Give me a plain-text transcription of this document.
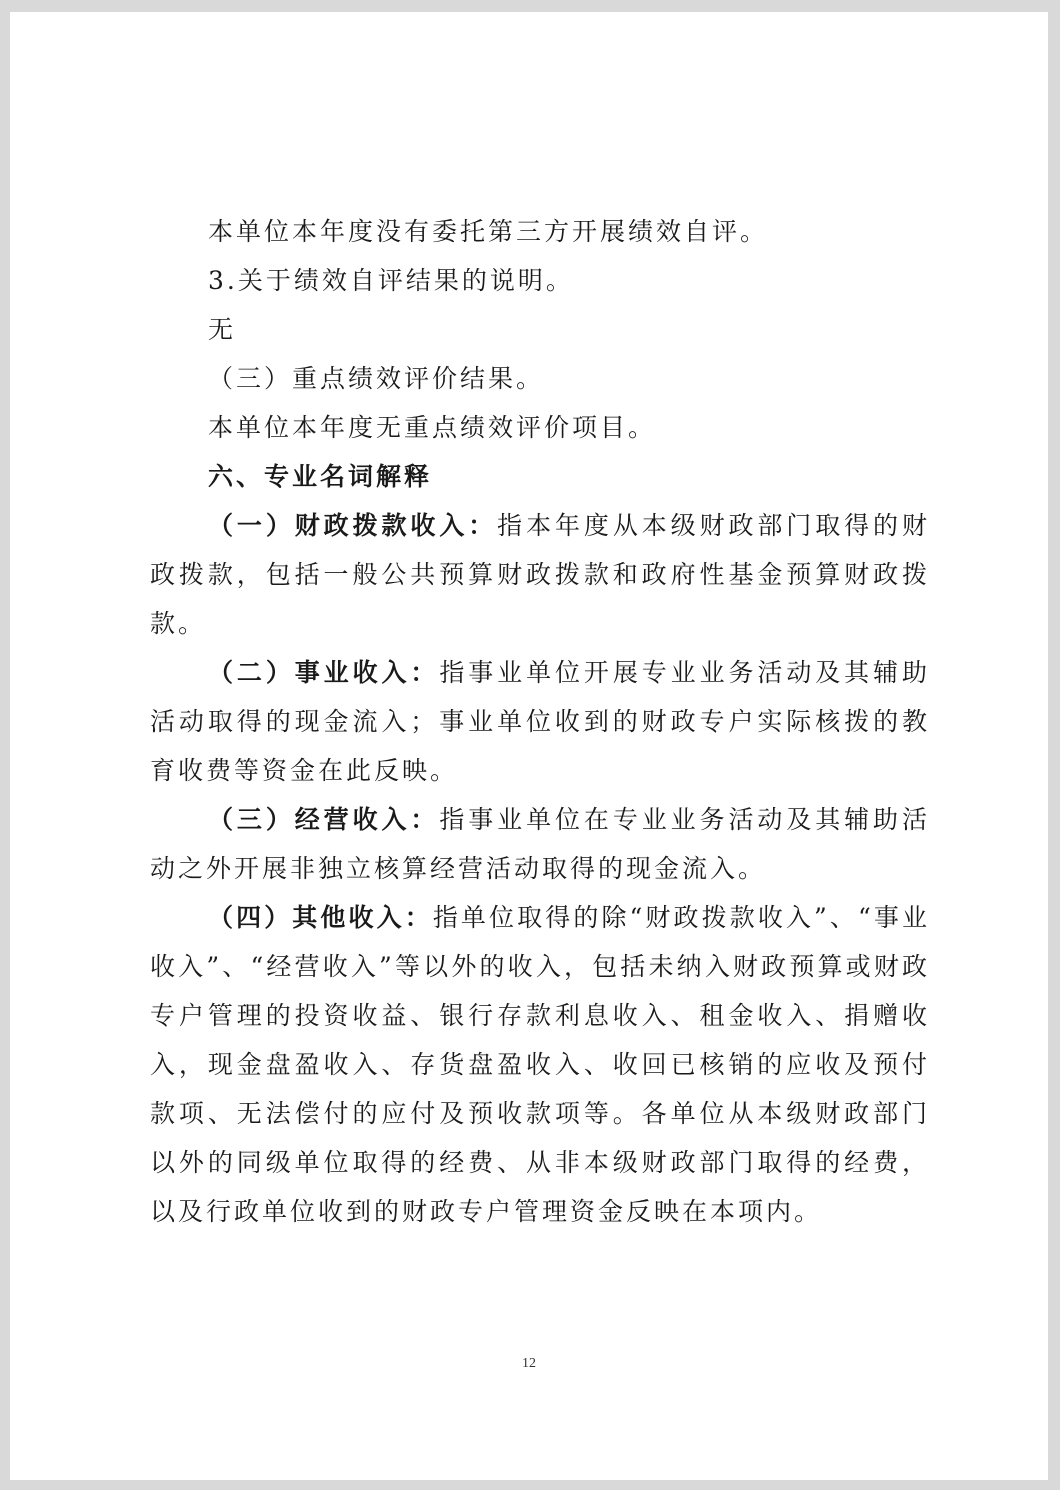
本单位本年度没有委托第三方开展绩效自评。

3.关于绩效自评结果的说明。

无

（三）重点绩效评价结果。

本单位本年度无重点绩效评价项目。

六、专业名词解释

（一）财政拨款收入：指本年度从本级财政部门取得的财政拨款，包括一般公共预算财政拨款和政府性基金预算财政拨款。

（二）事业收入：指事业单位开展专业业务活动及其辅助活动取得的现金流入；事业单位收到的财政专户实际核拨的教育收费等资金在此反映。

（三）经营收入：指事业单位在专业业务活动及其辅助活动之外开展非独立核算经营活动取得的现金流入。

（四）其他收入：指单位取得的除“财政拨款收入”、“事业收入”、“经营收入”等以外的收入，包括未纳入财政预算或财政专户管理的投资收益、银行存款利息收入、租金收入、捐赠收入，现金盘盈收入、存货盘盈收入、收回已核销的应收及预付款项、无法偿付的应付及预收款项等。各单位从本级财政部门以外的同级单位取得的经费、从非本级财政部门取得的经费，以及行政单位收到的财政专户管理资金反映在本项内。

12
